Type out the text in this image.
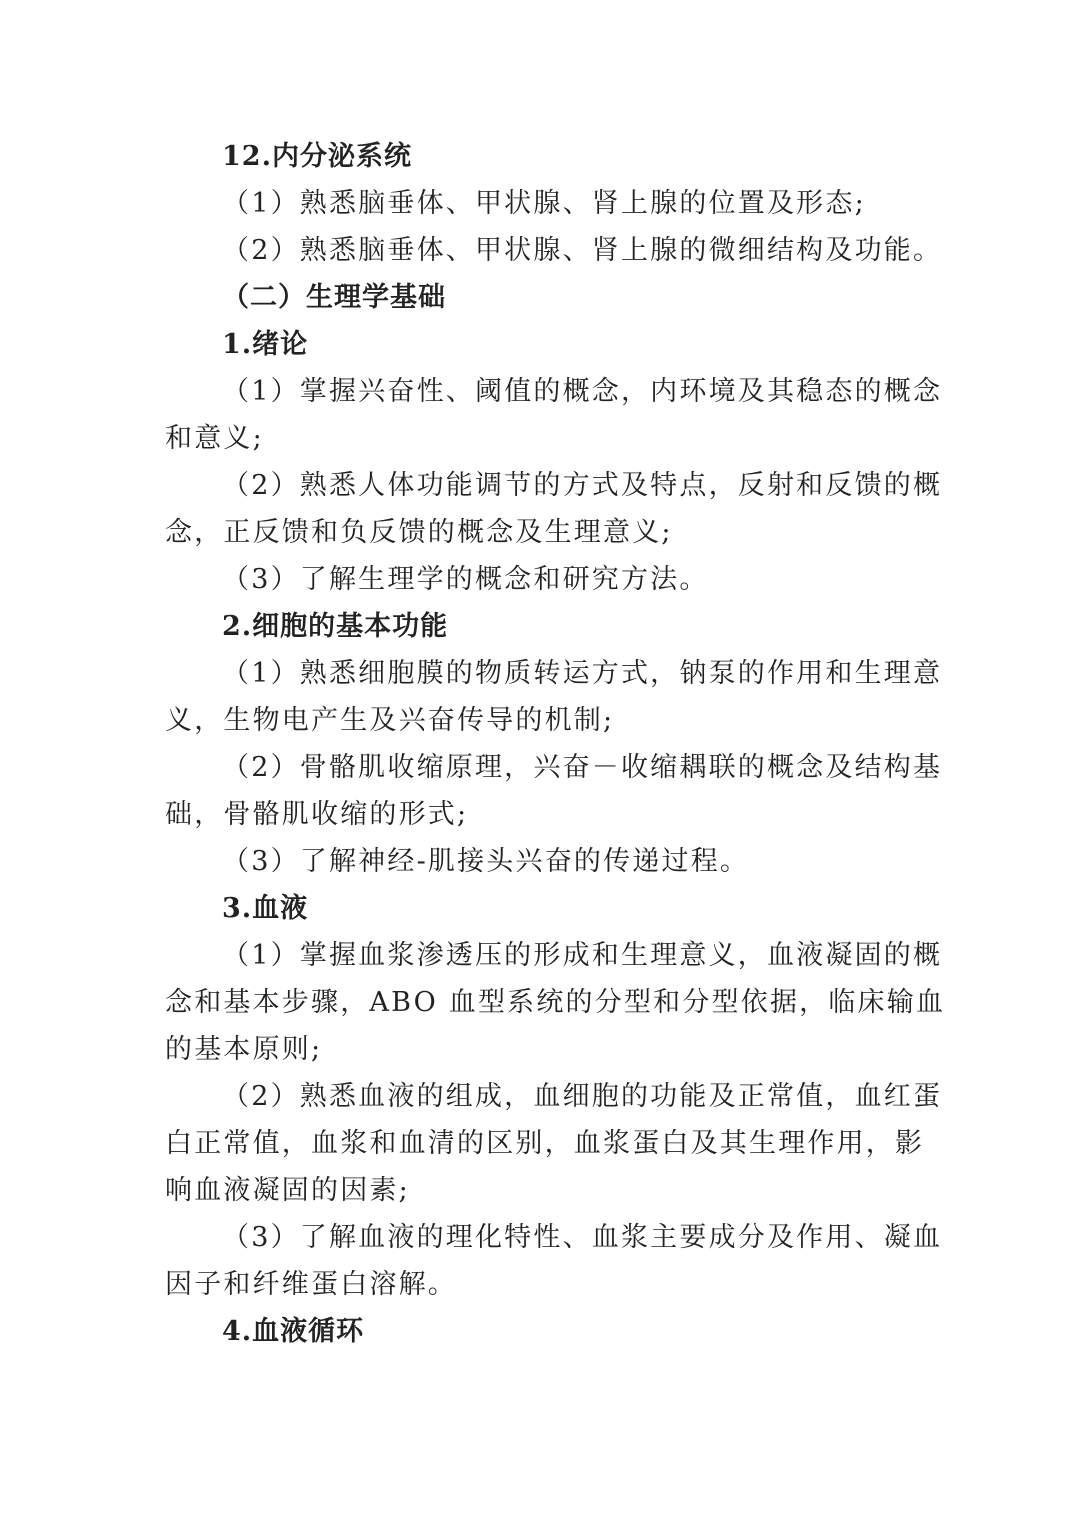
12.内分泌系统
（1）熟悉脑垂体、甲状腺、肾上腺的位置及形态;
（2）熟悉脑垂体、甲状腺、肾上腺的微细结构及功能。
（二）生理学基础
1.绪论
（1）掌握兴奋性、阈值的概念，内环境及其稳态的概念
和意义;
（2）熟悉人体功能调节的方式及特点，反射和反馈的概
念，正反馈和负反馈的概念及生理意义;
（3）了解生理学的概念和研究方法。
2.细胞的基本功能
（1）熟悉细胞膜的物质转运方式，钠泵的作用和生理意
义，生物电产生及兴奋传导的机制;
（2）骨骼肌收缩原理，兴奋－收缩耦联的概念及结构基
础，骨骼肌收缩的形式;
（3）了解神经-肌接头兴奋的传递过程。
3.血液
（1）掌握血浆渗透压的形成和生理意义，血液凝固的概
念和基本步骤，ABO 血型系统的分型和分型依据，临床输血
的基本原则;
（2）熟悉血液的组成，血细胞的功能及正常值，血红蛋
白正常值，血浆和血清的区别，血浆蛋白及其生理作用，影
响血液凝固的因素;
（3）了解血液的理化特性、血浆主要成分及作用、凝血
因子和纤维蛋白溶解。
4.血液循环
